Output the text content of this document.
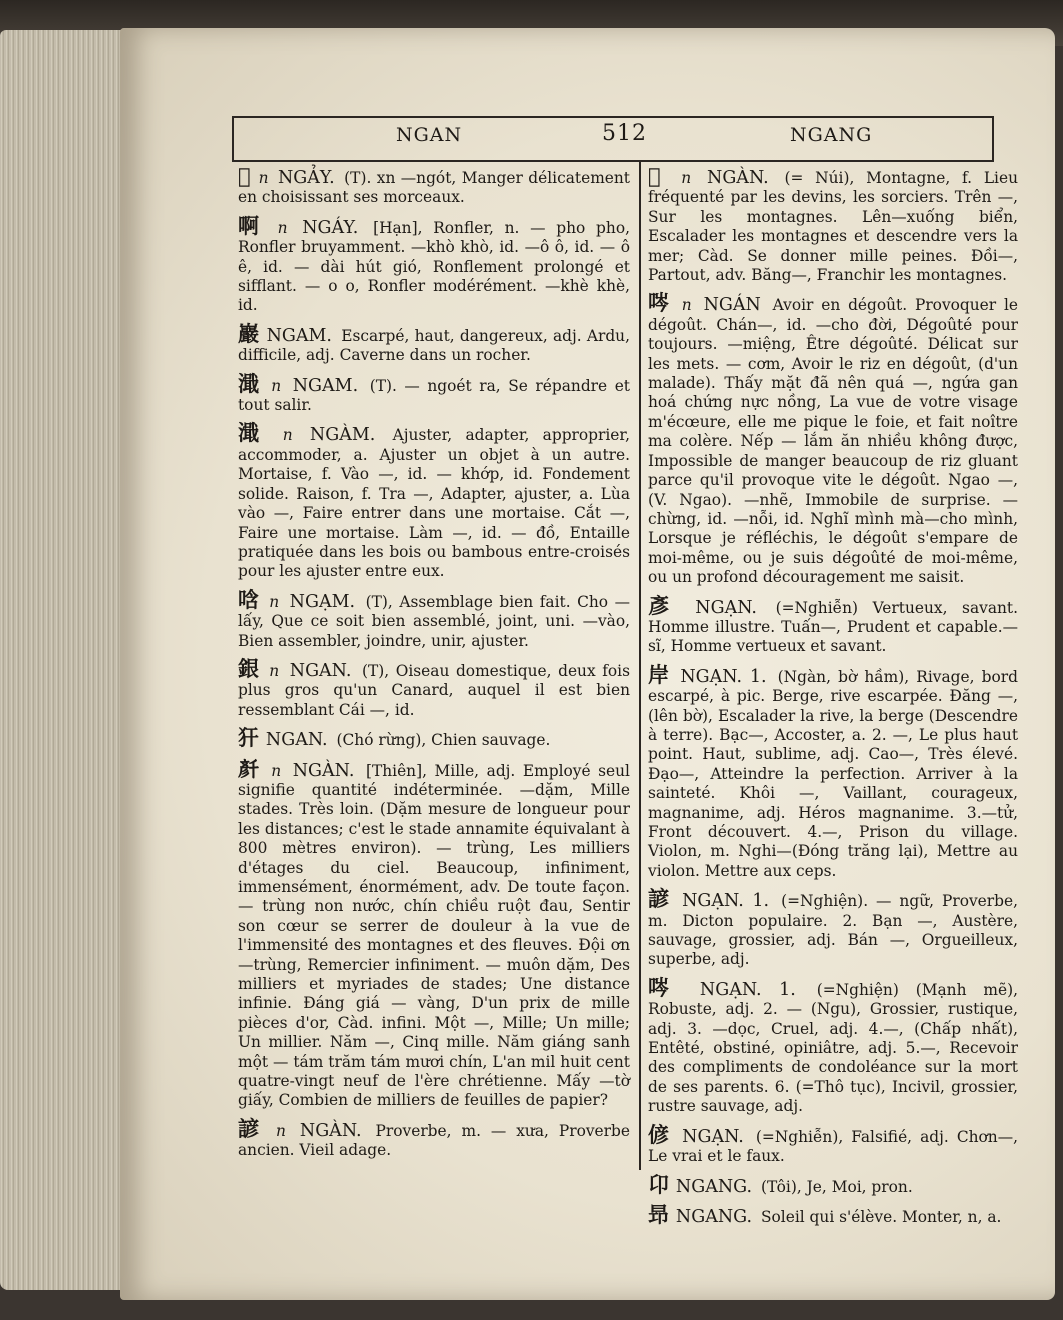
NGAN	512	NGANG
𠻀 n NGẢY. (T). xn —ngót, Manger délicatement en choisissant ses morceaux.
啊 n NGÁY. [Hạn], Ronfler, n. — pho pho, Ronfler bruyamment. —khò khò, id. —ô ô, id. — ô ê, id. — dài hút gió, Ronflement prolongé et sifflant. — o o, Ronfler modérément. —khè khè, id.
巖 NGAM. Escarpé, haut, dangereux, adj. Ardu, difficile, adj. Caverne dans un rocher.
濈 n NGAM. (T). — ngoét ra, Se répandre et tout salir.
濈 n NGÀM. Ajuster, adapter, approprier, accommoder, a. Ajuster un objet à un autre. Mortaise, f. Vào —, id. — khớp, id. Fondement solide. Raison, f. Tra —, Adapter, ajuster, a. Lùa vào —, Faire entrer dans une mortaise. Cắt —, Faire une mortaise. Làm —, id. — đồ, Entaille pratiquée dans les bois ou bambous entre-croisés pour les ajuster entre eux.
唅 n NGẠM. (T), Assemblage bien fait. Cho — lấy, Que ce soit bien assemblé, joint, uni. —vào, Bien assembler, joindre, unir, ajuster.
銀 n NGAN. (T), Oiseau domestique, deux fois plus gros qu'un Canard, auquel il est bien ressemblant Cái —, id.
犴 NGAN. (Chó rừng), Chien sauvage.
𠦳 n NGÀN. [Thiên], Mille, adj. Employé seul signifie quantité indéterminée. —dặm, Mille stades. Très loin. (Dặm mesure de longueur pour les distances; c'est le stade annamite équivalant à 800 mètres environ). — trùng, Les milliers d'étages du ciel. Beaucoup, infiniment, immensément, énormément, adv. De toute façon. — trùng non nước, chín chiều ruột đau, Sentir son cœur se serrer de douleur à la vue de l'immensité des montagnes et des fleuves. Đội ơn —trùng, Remercier infiniment. — muôn dặm, Des milliers et myriades de stades; Une distance infinie. Đáng giá — vàng, D'un prix de mille pièces d'or, Càd. infini. Một —, Mille; Un mille; Un millier. Năm —, Cinq mille. Năm giáng sanh một — tám trăm tám mươi chín, L'an mil huit cent quatre-vingt neuf de l'ère chrétienne. Mấy —tờ giấy, Combien de milliers de feuilles de papier?
諺 n NGÀN. Proverbe, m. — xưa, Proverbe ancien. Vieil adage.
𡾵 n NGÀN. (= Núi), Montagne, f. Lieu fréquenté par les devins, les sorciers. Trên —, Sur les montagnes. Lên—xuống biển, Escalader les montagnes et descendre vers la mer; Càd. Se donner mille peines. Đồi—, Partout, adv. Băng—, Franchir les montagnes.
㖗 n NGÁN Avoir en dégoût. Provoquer le dégoût. Chán—, id. —cho đời, Dégoûté pour toujours. —miệng, Être dégoûté. Délicat sur les mets. — cơm, Avoir le riz en dégoût, (d'un malade). Thấy mặt đã nên quá —, ngứa gan hoá chứng nực nồng, La vue de votre visage m'écœure, elle me pique le foie, et fait noître ma colère. Nếp — lắm ăn nhiều không được, Impossible de manger beaucoup de riz gluant parce qu'il provoque vite le dégoût. Ngao —, (V. Ngao). —nhẽ, Immobile de surprise. —chừng, id. —nỗi, id. Nghĩ mình mà—cho mình, Lorsque je réfléchis, le dégoût s'empare de moi-même, ou je suis dégoûté de moi-même, ou un profond découragement me saisit.
彥 NGẠN. (=Nghiễn) Vertueux, savant. Homme illustre. Tuấn—, Prudent et capable.—sĩ, Homme vertueux et savant.
岸 NGẠN. 1. (Ngàn, bờ hầm), Rivage, bord escarpé, à pic. Berge, rive escarpée. Đăng —, (lên bờ), Escalader la rive, la berge (Descendre à terre). Bạc—, Accoster, a. 2. —, Le plus haut point. Haut, sublime, adj. Cao—, Très élevé. Đạo—, Atteindre la perfection. Arriver à la sainteté. Khôi —, Vaillant, courageux, magnanime, adj. Héros magnanime. 3.—tử, Front découvert. 4.—, Prison du village. Violon, m. Nghi—(Đóng trăng lại), Mettre au violon. Mettre aux ceps.
諺 NGẠN. 1. (=Nghiện). — ngữ, Proverbe, m. Dicton populaire. 2. Bạn —, Austère, sauvage, grossier, adj. Bán —, Orgueilleux, superbe, adj.
㖗 NGẠN. 1. (=Nghiện) (Mạnh mẽ), Robuste, adj. 2. — (Ngu), Grossier, rustique, adj. 3. —dọc, Cruel, adj. 4.—, (Chấp nhất), Entêté, obstiné, opiniâtre, adj. 5.—, Recevoir des compliments de condoléance sur la mort de ses parents. 6. (=Thô tục), Incivil, grossier, rustre sauvage, adj.
偐 NGẠN. (=Nghiễn), Falsifié, adj. Chơn—, Le vrai et le faux.
卬 NGANG. (Tôi), Je, Moi, pron.
昻 NGANG. Soleil qui s'élève. Monter, n, a.
